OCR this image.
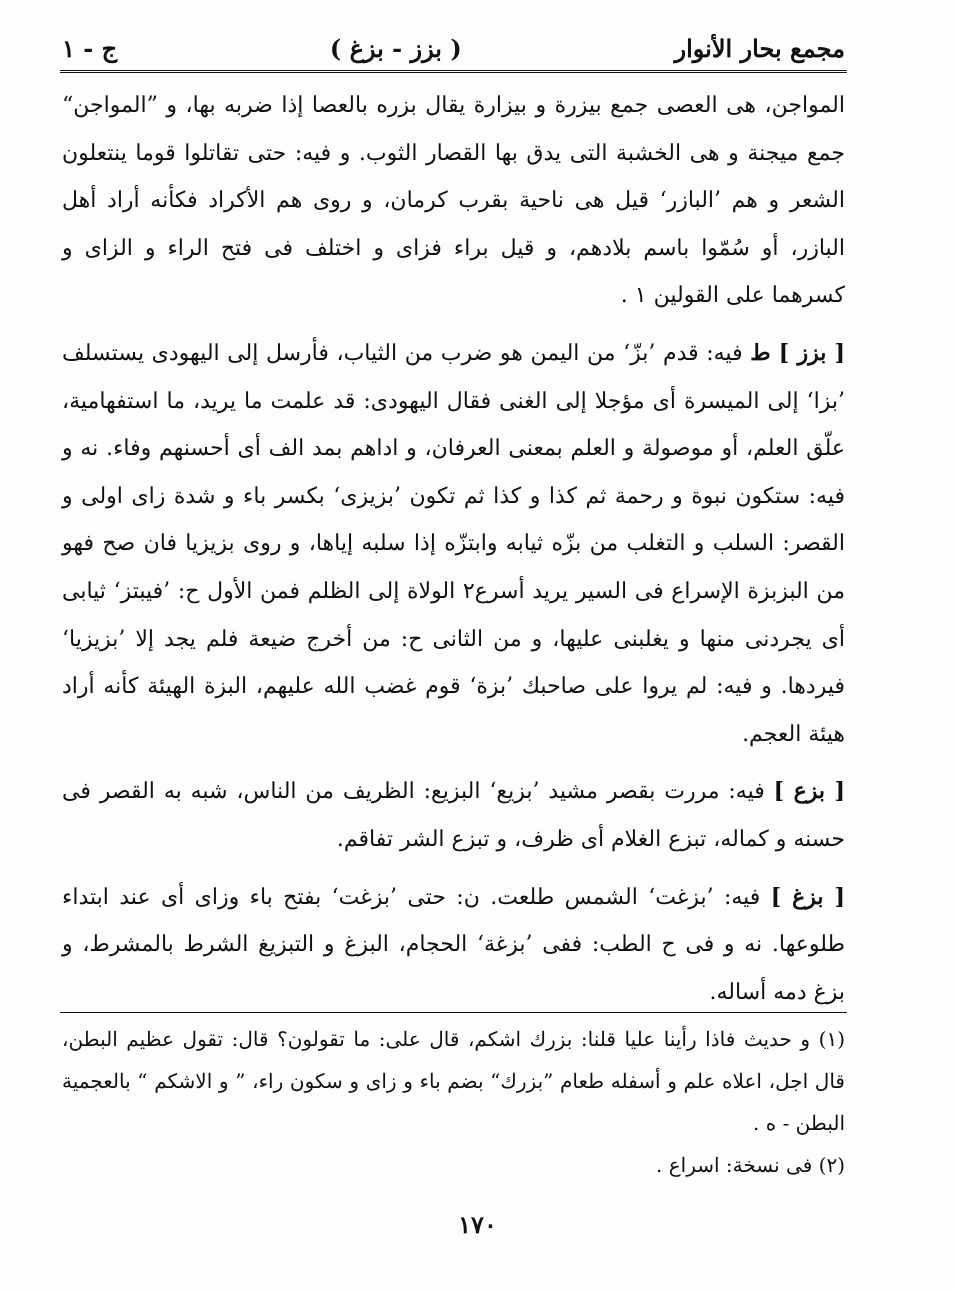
ج - ١	( بزز - بزغ )	مجمع بحار الأنوار

المواجن، هى العصى جمع بيزرة و بيزارة يقال بزره بالعصا إذا ضربه بها، و ”المواجن“ جمع ميجنة و هى الخشبة التى يدق بها القصار الثوب. و فيه: حتى تقاتلوا قوما ينتعلون الشعر و هم ’البازر‘ قيل هى ناحية بقرب كرمان، و روى هم الأكراد فكأنه أراد أهل البازر، أو سُمّوا باسم بلادهم، و قيل براء فزاى و اختلف فى فتح الراء و الزاى و كسرهما على القولين ١ .

[ بزز ] ط فيه: قدم ’بزّ‘ من اليمن هو ضرب من الثياب، فأرسل إلى اليهودى يستسلف ’بزا‘ إلى الميسرة أى مؤجلا إلى الغنى فقال اليهودى: قد علمت ما يريد، ما استفهامية، علّق العلم، أو موصولة و العلم بمعنى العرفان، و اداهم بمد الف أى أحسنهم وفاء. نه و فيه: ستكون نبوة و رحمة ثم كذا و كذا ثم تكون ’بزيزى‘ بكسر باء و شدة زاى اولى و القصر: السلب و التغلب من بزّه ثيابه وابتزّه إذا سلبه إياها، و روى بزيزيا فان صح فهو من البزبزة الإسراع فى السير يريد أسرع٢ الولاة إلى الظلم فمن الأول ح: ’فيبتز‘ ثيابى أى يجردنى منها و يغلبنى عليها، و من الثانى ح: من أخرج ضيعة فلم يجد إلا ’بزيزيا‘ فيردها. و فيه: لم يروا على صاحبك ’بزة‘ قوم غضب الله عليهم، البزة الهيئة كأنه أراد هيئة العجم.

[ بزع ] فيه: مررت بقصر مشيد ’بزيع‘ البزيع: الظريف من الناس، شبه به القصر فى حسنه و كماله، تبزع الغلام أى ظرف، و تبزع الشر تفاقم.

[ بزغ ] فيه: ’بزغت‘ الشمس طلعت. ن: حتى ’بزغت‘ بفتح باء وزاى أى عند ابتداء طلوعها. نه و فى ح الطب: ففى ’بزغة‘ الحجام، البزغ و التبزيغ الشرط بالمشرط، و بزغ دمه أساله.

(١) و حديث فاذا رأينا عليا قلنا: بزرك اشكم، قال على: ما تقولون؟ قال: تقول عظيم البطن، قال اجل، اعلاه علم و أسفله طعام ”بزرك“ بضم باء و زاى و سكون راء، ” و الاشكم “ بالعجمية البطن - ه .

(٢) فى نسخة: اسراع .

١٧٠
